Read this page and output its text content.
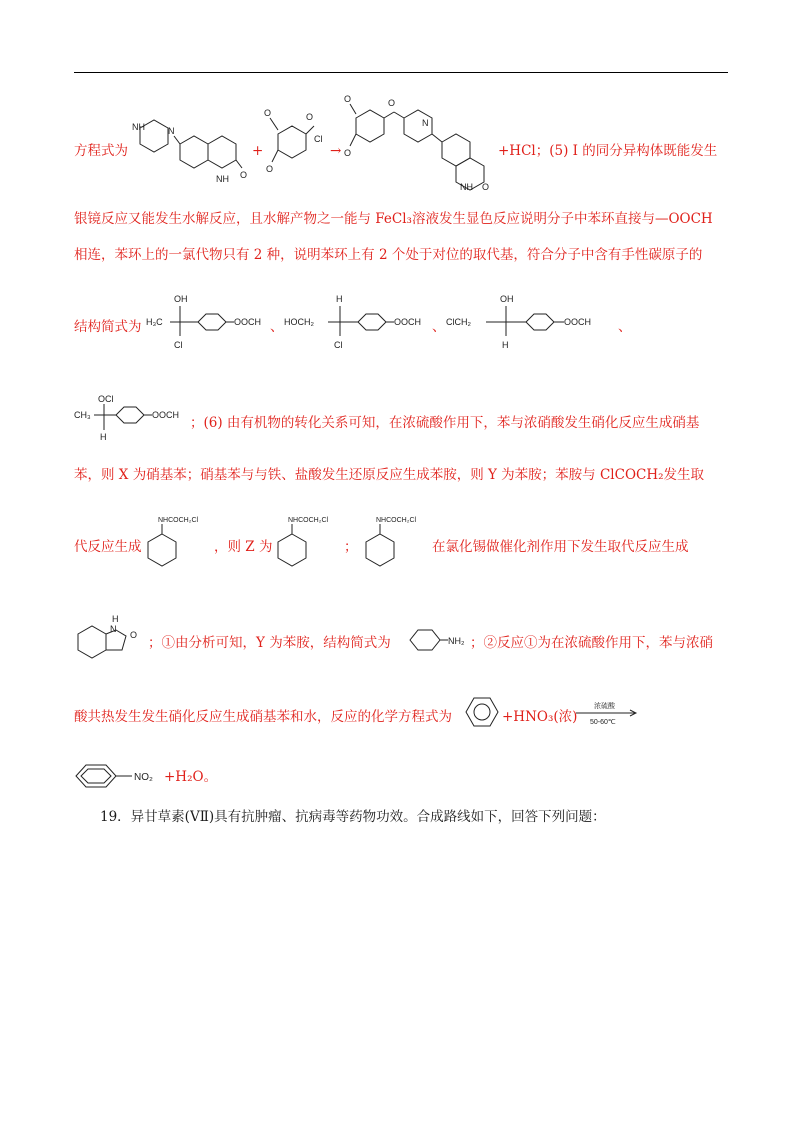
方程式为
NH	N
NH O
+
O	O
Cl
O
→
O	O
N
NH O
O	+HCl；(5) Ⅰ 的同分异构体既能发生
银镜反应又能发生水解反应，且水解产物之一能与 FeCl₃溶液发生显色反应说明分子中苯环直接与—OOCH
相连，苯环上的一氯代物只有 2 种，说明苯环上有 2 个处于对位的取代基，符合分子中含有手性碳原子的
结构简式为
OH
H₃C
Cl
OOCH 、
H
HOCH₂
Cl
OOCH 、
OH
ClCH₂
H
OOCH 、
OCl
CH₃
H
OOCH ；(6) 由有机物的转化关系可知，在浓硫酸作用下，苯与浓硝酸发生硝化反应生成硝基
苯，则 X 为硝基苯；硝基苯与与铁、盐酸发生还原反应生成苯胺，则 Y 为苯胺；苯胺与 ClCOCH₂发生取
代反应生成
NHCOCH₂Cl
，则 Z 为
NHCOCH₂Cl
；
NHCOCH₂Cl
在氯化锡做催化剂作用下发生取代反应生成
H
N
O ；①由分析可知，Y 为苯胺，结构简式为	NH₂ ；②反应①为在浓硫酸作用下，苯与浓硝
酸共热发生发生硝化反应生成硝基苯和水，反应的化学方程式为	+HNO₃(浓)
浓硫酸
50-60℃
NO₂ +H₂O。
19．异甘草素(VⅡ)具有抗肿瘤、抗病毒等药物功效。合成路线如下，回答下列问题：
